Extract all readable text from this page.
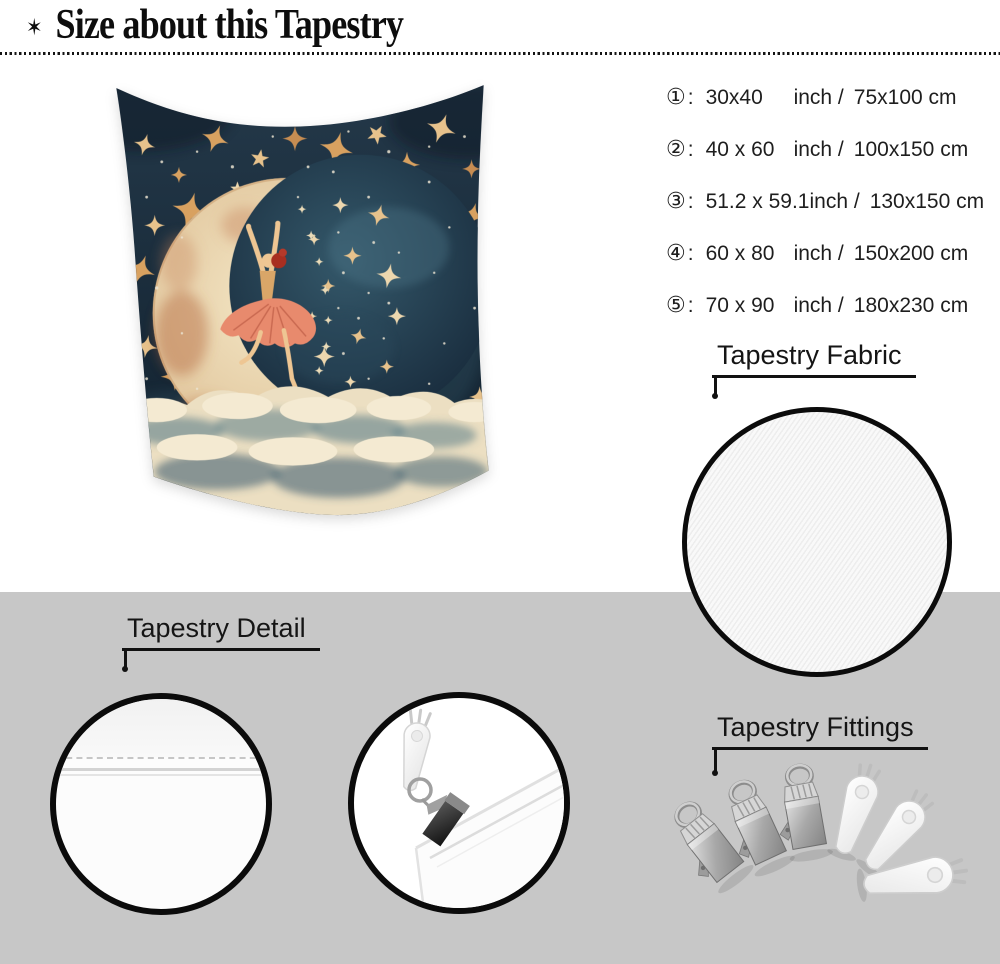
✶ Size about this Tapestry
① : 30x40	inch / 75x100 cm
② : 40 x 60 inch / 100x150 cm
③ : 51.2 x 59.1 inch / 130x150 cm
④ : 60 x 80 inch / 150x200 cm
⑤ : 70 x 90 inch / 180x230 cm
Tapestry Fabric
Tapestry Detail
Tapestry Fittings
